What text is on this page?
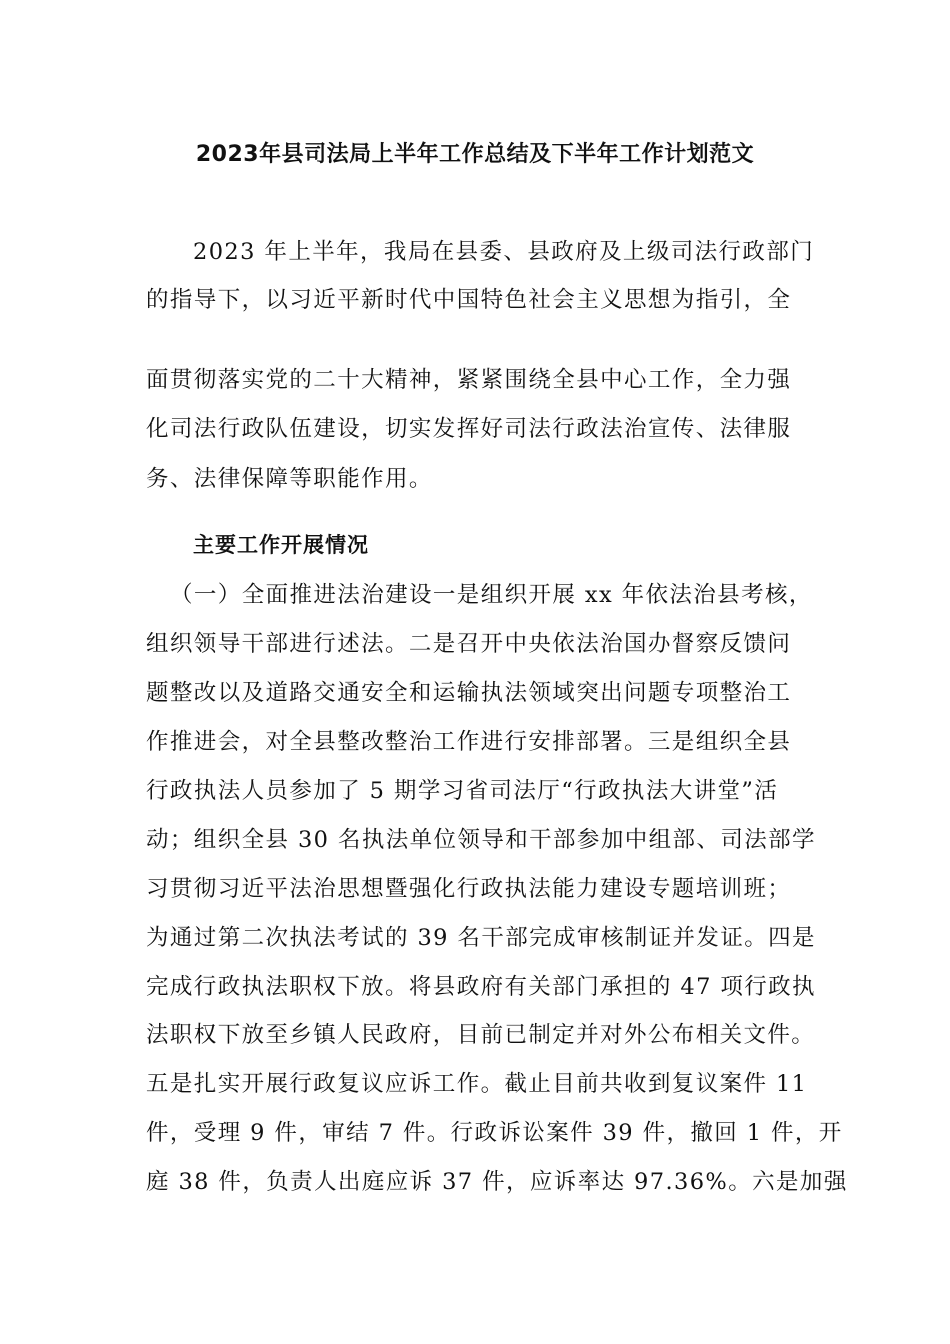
2023年县司法局上半年工作总结及下半年工作计划范文
2023 年上半年，我局在县委、县政府及上级司法行政部门
的指导下，以习近平新时代中国特色社会主义思想为指引，全
面贯彻落实党的二十大精神，紧紧围绕全县中心工作，全力强
化司法行政队伍建设，切实发挥好司法行政法治宣传、法律服
务、法律保障等职能作用。
主要工作开展情况
（一）全面推进法治建设一是组织开展 xx 年依法治县考核，
组织领导干部进行述法。二是召开中央依法治国办督察反馈问
题整改以及道路交通安全和运输执法领域突出问题专项整治工
作推进会，对全县整改整治工作进行安排部署。三是组织全县
行政执法人员参加了 5 期学习省司法厅“行政执法大讲堂”活
动；组织全县 30 名执法单位领导和干部参加中组部、司法部学
习贯彻习近平法治思想暨强化行政执法能力建设专题培训班；
为通过第二次执法考试的 39 名干部完成审核制证并发证。四是
完成行政执法职权下放。将县政府有关部门承担的 47 项行政执
法职权下放至乡镇人民政府，目前已制定并对外公布相关文件。
五是扎实开展行政复议应诉工作。截止目前共收到复议案件 11
件，受理 9 件，审结 7 件。行政诉讼案件 39 件，撤回 1 件，开
庭 38 件，负责人出庭应诉 37 件，应诉率达 97.36%。六是加强
